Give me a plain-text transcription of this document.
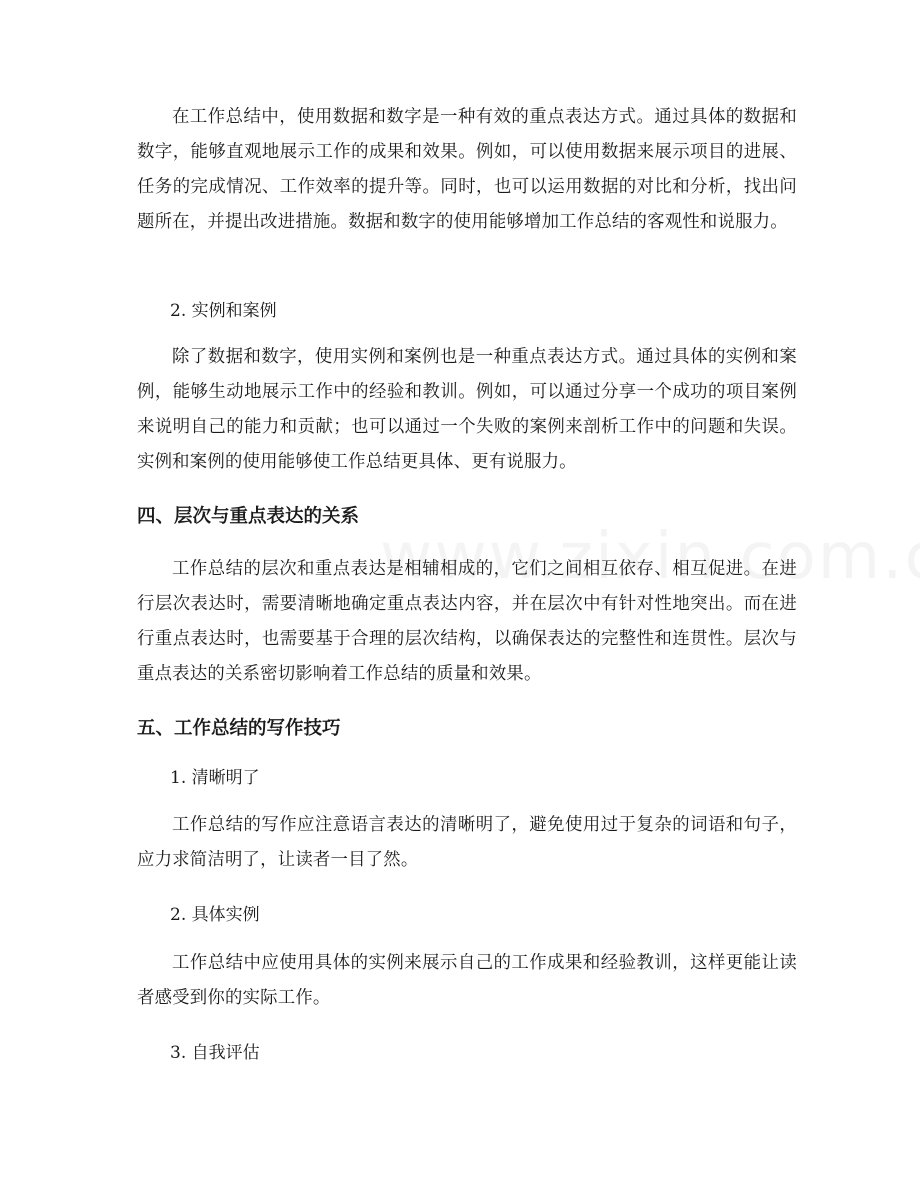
在工作总结中，使用数据和数字是一种有效的重点表达方式。通过具体的数据和数字，能够直观地展示工作的成果和效果。例如，可以使用数据来展示项目的进展、任务的完成情况、工作效率的提升等。同时，也可以运用数据的对比和分析，找出问题所在，并提出改进措施。数据和数字的使用能够增加工作总结的客观性和说服力。

2. 实例和案例

除了数据和数字，使用实例和案例也是一种重点表达方式。通过具体的实例和案例，能够生动地展示工作中的经验和教训。例如，可以通过分享一个成功的项目案例来说明自己的能力和贡献；也可以通过一个失败的案例来剖析工作中的问题和失误。实例和案例的使用能够使工作总结更具体、更有说服力。

四、层次与重点表达的关系

工作总结的层次和重点表达是相辅相成的，它们之间相互依存、相互促进。在进行层次表达时，需要清晰地确定重点表达内容，并在层次中有针对性地突出。而在进行重点表达时，也需要基于合理的层次结构，以确保表达的完整性和连贯性。层次与重点表达的关系密切影响着工作总结的质量和效果。

五、工作总结的写作技巧

1. 清晰明了

工作总结的写作应注意语言表达的清晰明了，避免使用过于复杂的词语和句子，应力求简洁明了，让读者一目了然。

2. 具体实例

工作总结中应使用具体的实例来展示自己的工作成果和经验教训，这样更能让读者感受到你的实际工作。

3. 自我评估
